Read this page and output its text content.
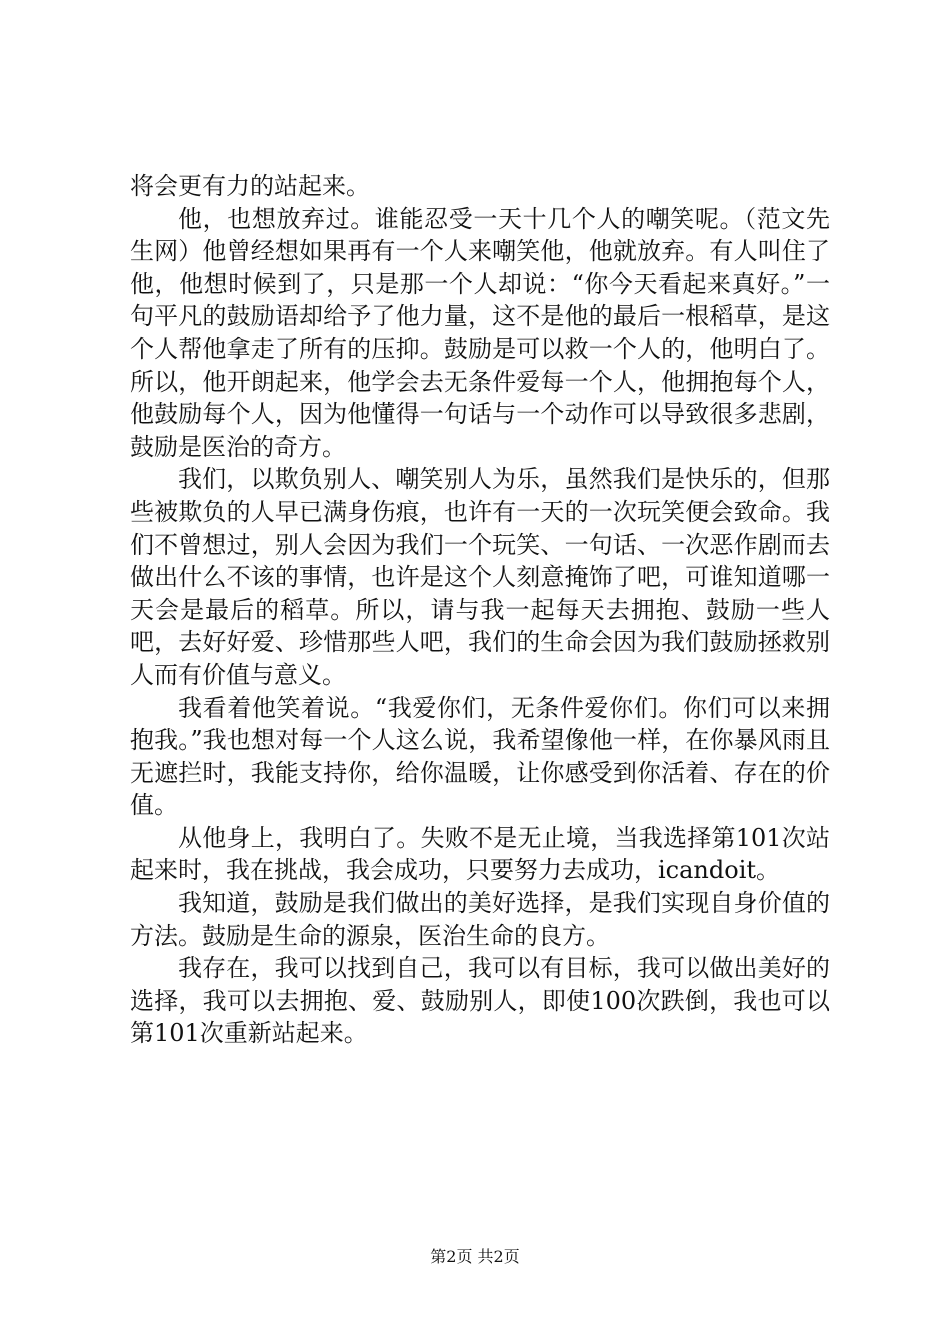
将会更有力的站起来。

他，也想放弃过。谁能忍受一天十几个人的嘲笑呢。（范文先生网）他曾经想如果再有一个人来嘲笑他，他就放弃。有人叫住了他，他想时候到了，只是那一个人却说：“你今天看起来真好。”一句平凡的鼓励语却给予了他力量，这不是他的最后一根稻草，是这个人帮他拿走了所有的压抑。鼓励是可以救一个人的，他明白了。所以，他开朗起来，他学会去无条件爱每一个人，他拥抱每个人，他鼓励每个人，因为他懂得一句话与一个动作可以导致很多悲剧，鼓励是医治的奇方。

我们，以欺负别人、嘲笑别人为乐，虽然我们是快乐的，但那些被欺负的人早已满身伤痕，也许有一天的一次玩笑便会致命。我们不曾想过，别人会因为我们一个玩笑、一句话、一次恶作剧而去做出什么不该的事情，也许是这个人刻意掩饰了吧，可谁知道哪一天会是最后的稻草。所以，请与我一起每天去拥抱、鼓励一些人吧，去好好爱、珍惜那些人吧，我们的生命会因为我们鼓励拯救别人而有价值与意义。

我看着他笑着说。“我爱你们，无条件爱你们。你们可以来拥抱我。”我也想对每一个人这么说，我希望像他一样，在你暴风雨且无遮拦时，我能支持你，给你温暖，让你感受到你活着、存在的价值。

从他身上，我明白了。失败不是无止境，当我选择第101次站起来时，我在挑战，我会成功，只要努力去成功，icandoit。

我知道，鼓励是我们做出的美好选择，是我们实现自身价值的方法。鼓励是生命的源泉，医治生命的良方。

我存在，我可以找到自己，我可以有目标，我可以做出美好的选择，我可以去拥抱、爱、鼓励别人，即使100次跌倒，我也可以第101次重新站起来。

第2页 共2页
